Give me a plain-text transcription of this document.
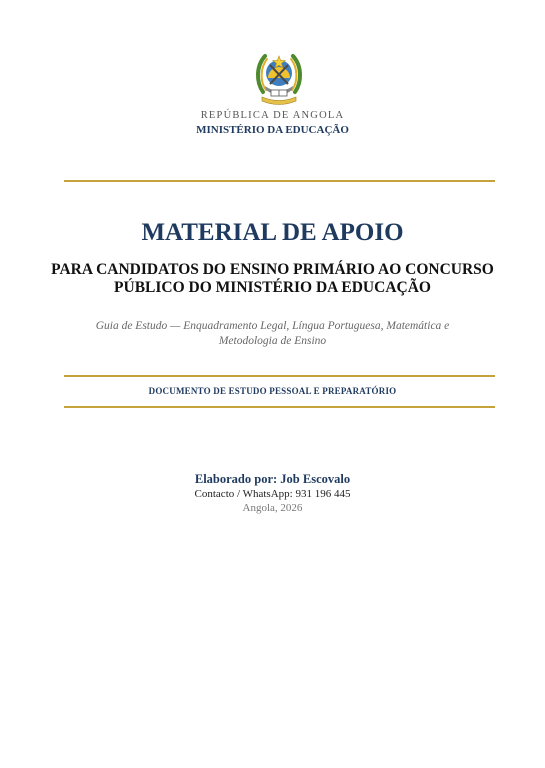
REPÚBLICA DE ANGOLA
MINISTÉRIO DA EDUCAÇÃO
MATERIAL DE APOIO
PARA CANDIDATOS DO ENSINO PRIMÁRIO AO CONCURSO
PÚBLICO DO MINISTÉRIO DA EDUCAÇÃO
Guia de Estudo — Enquadramento Legal, Língua Portuguesa, Matemática e
Metodologia de Ensino
DOCUMENTO DE ESTUDO PESSOAL E PREPARATÓRIO
Elaborado por: Job Escovalo
Contacto / WhatsApp: 931 196 445
Angola, 2026
